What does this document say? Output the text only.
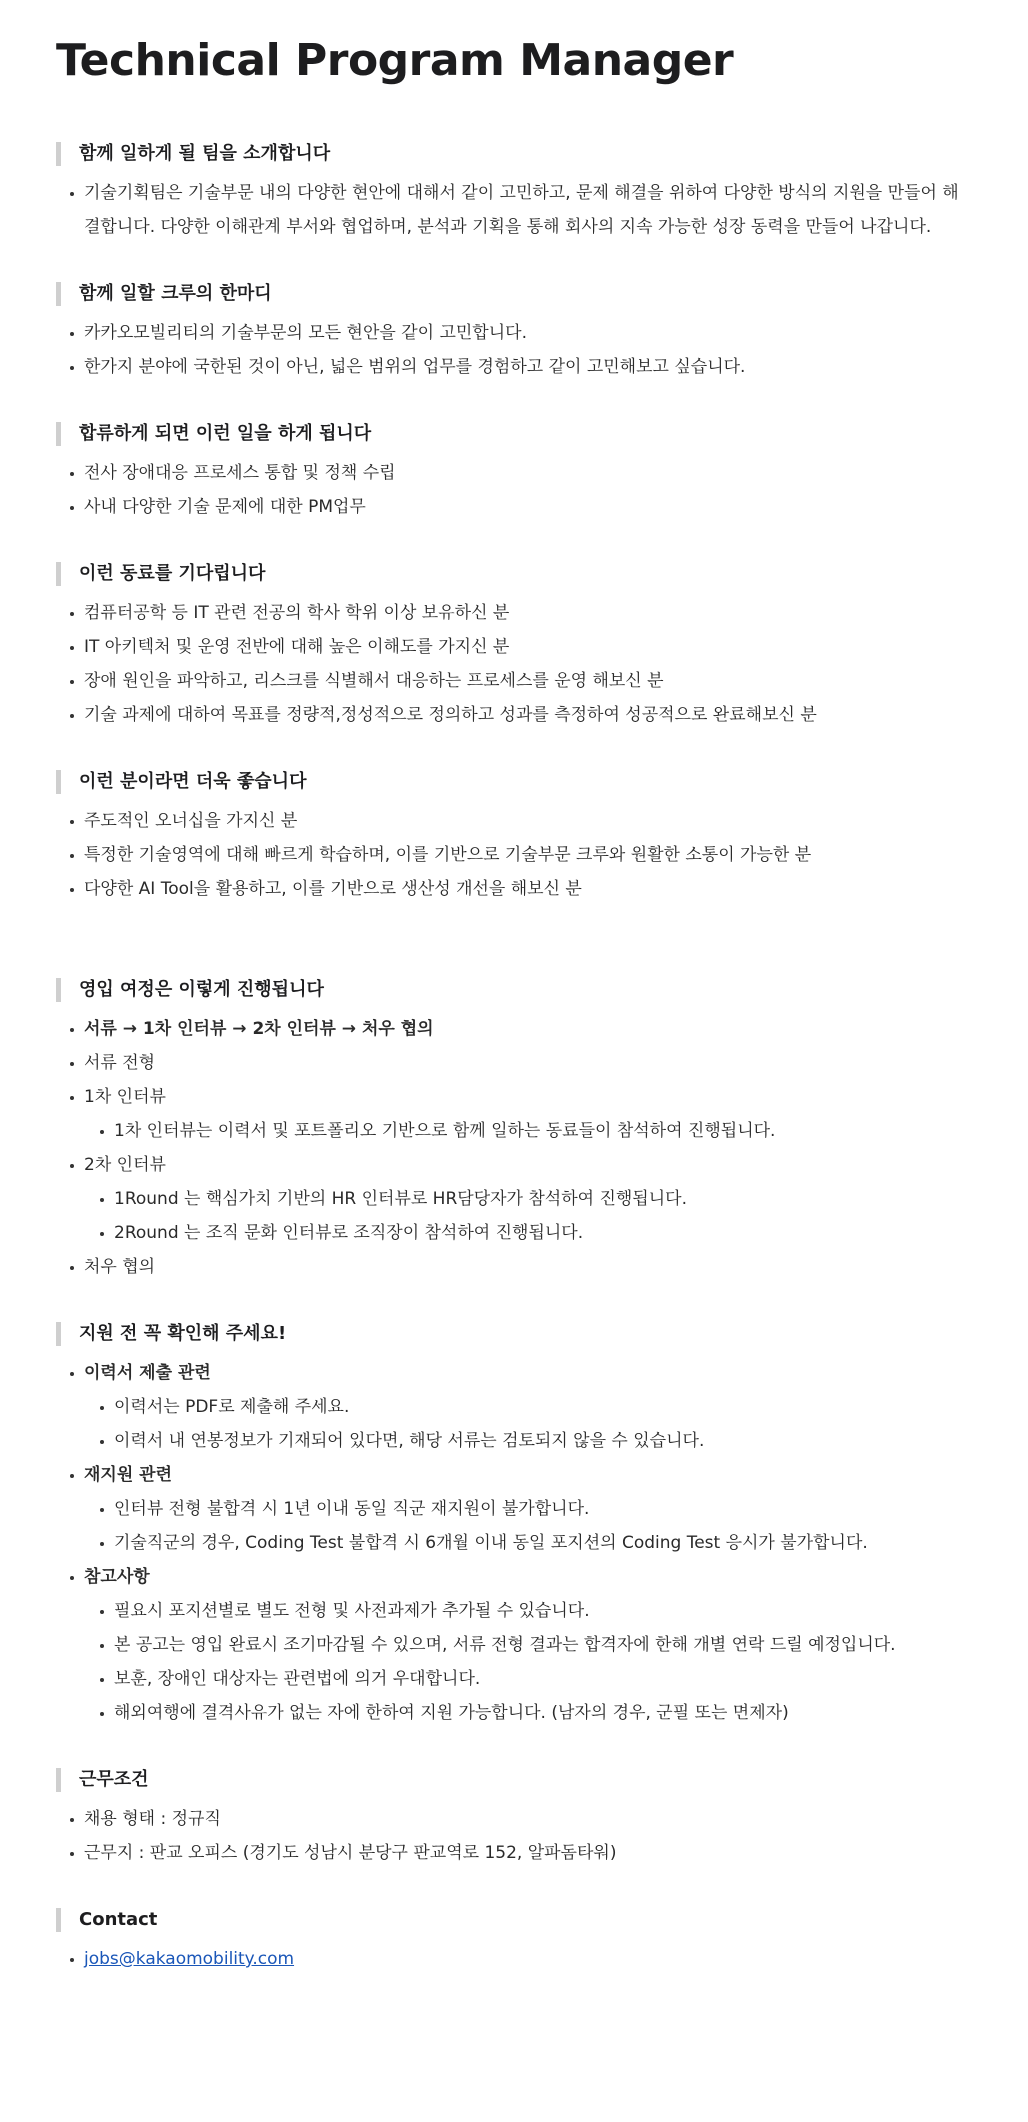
Technical Program Manager
함께 일하게 될 팀을 소개합니다
기술기획팀은 기술부문 내의 다양한 현안에 대해서 같이 고민하고, 문제 해결을 위하여 다양한 방식의 지원을 만들어 해결합니다. 다양한 이해관계 부서와 협업하며, 분석과 기획을 통해 회사의 지속 가능한 성장 동력을 만들어 나갑니다.
함께 일할 크루의 한마디
카카오모빌리티의 기술부문의 모든 현안을 같이 고민합니다.
한가지 분야에 국한된 것이 아닌, 넓은 범위의 업무를 경험하고 같이 고민해보고 싶습니다.
합류하게 되면 이런 일을 하게 됩니다
전사 장애대응 프로세스 통합 및 정책 수립
사내 다양한 기술 문제에 대한 PM업무
이런 동료를 기다립니다
컴퓨터공학 등 IT 관련 전공의 학사 학위 이상 보유하신 분
IT 아키텍처 및 운영 전반에 대해 높은 이해도를 가지신 분
장애 원인을 파악하고, 리스크를 식별해서 대응하는 프로세스를 운영 해보신 분
기술 과제에 대하여 목표를 정량적,정성적으로 정의하고 성과를 측정하여 성공적으로 완료해보신 분
이런 분이라면 더욱 좋습니다
주도적인 오너십을 가지신 분
특정한 기술영역에 대해 빠르게 학습하며, 이를 기반으로 기술부문 크루와 원활한 소통이 가능한 분
다양한 AI Tool을 활용하고, 이를 기반으로 생산성 개선을 해보신 분
영입 여정은 이렇게 진행됩니다
서류 → 1차 인터뷰 → 2차 인터뷰 → 처우 협의
서류 전형
1차 인터뷰
1차 인터뷰는 이력서 및 포트폴리오 기반으로 함께 일하는 동료들이 참석하여 진행됩니다.
2차 인터뷰
1Round 는 핵심가치 기반의 HR 인터뷰로 HR담당자가 참석하여 진행됩니다.
2Round 는 조직 문화 인터뷰로 조직장이 참석하여 진행됩니다.
처우 협의
지원 전 꼭 확인해 주세요!
이력서 제출 관련
이력서는 PDF로 제출해 주세요.
이력서 내 연봉정보가 기재되어 있다면, 해당 서류는 검토되지 않을 수 있습니다.
재지원 관련
인터뷰 전형 불합격 시 1년 이내 동일 직군 재지원이 불가합니다.
기술직군의 경우, Coding Test 불합격 시 6개월 이내 동일 포지션의 Coding Test 응시가 불가합니다.
참고사항
필요시 포지션별로 별도 전형 및 사전과제가 추가될 수 있습니다.
본 공고는 영입 완료시 조기마감될 수 있으며, 서류 전형 결과는 합격자에 한해 개별 연락 드릴 예정입니다.
보훈, 장애인 대상자는 관련법에 의거 우대합니다.
해외여행에 결격사유가 없는 자에 한하여 지원 가능합니다. (남자의 경우, 군필 또는 면제자)
근무조건
채용 형태 : 정규직
근무지 : 판교 오피스 (경기도 성남시 분당구 판교역로 152, 알파돔타워)
Contact
jobs@kakaomobility.com
